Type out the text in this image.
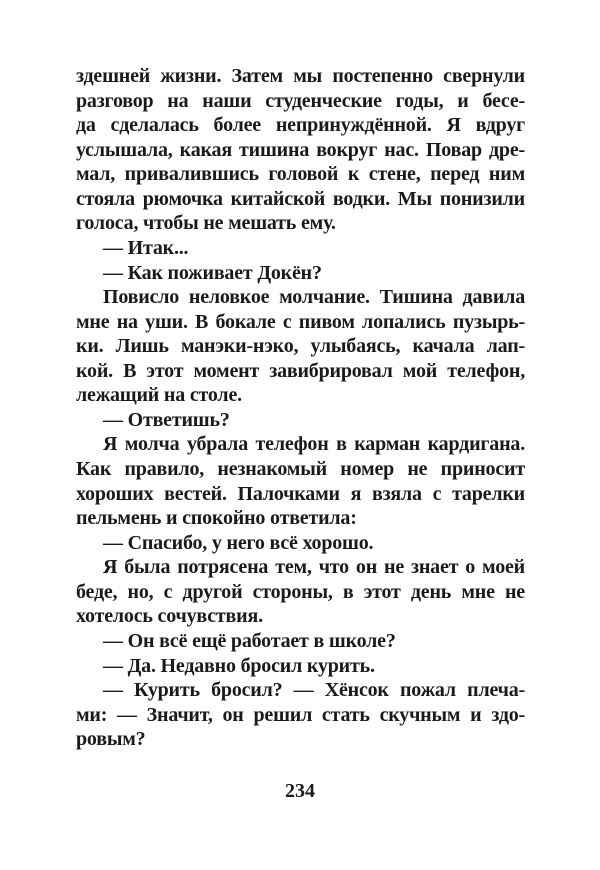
здешней жизни. Затем мы постепенно свернули
разговор на наши студенческие годы, и бесе-
да сделалась более непринуждённой. Я вдруг
услышала, какая тишина вокруг нас. Повар дре-
мал, привалившись головой к стене, перед ним
стояла рюмочка китайской водки. Мы понизили
голоса, чтобы не мешать ему.
— Итак...
— Как поживает Докён?
Повисло неловкое молчание. Тишина давила
мне на уши. В бокале с пивом лопались пузырь-
ки. Лишь манэки-нэко, улыбаясь, качала лап-
кой. В этот момент завибрировал мой телефон,
лежащий на столе.
— Ответишь?
Я молча убрала телефон в карман кардигана.
Как правило, незнакомый номер не приносит
хороших вестей. Палочками я взяла с тарелки
пельмень и спокойно ответила:
— Спасибо, у него всё хорошо.
Я была потрясена тем, что он не знает о моей
беде, но, с другой стороны, в этот день мне не
хотелось сочувствия.
— Он всё ещё работает в школе?
— Да. Недавно бросил курить.
— Курить бросил? — Хёнсок пожал плеча-
ми: — Значит, он решил стать скучным и здо-
ровым?
234
